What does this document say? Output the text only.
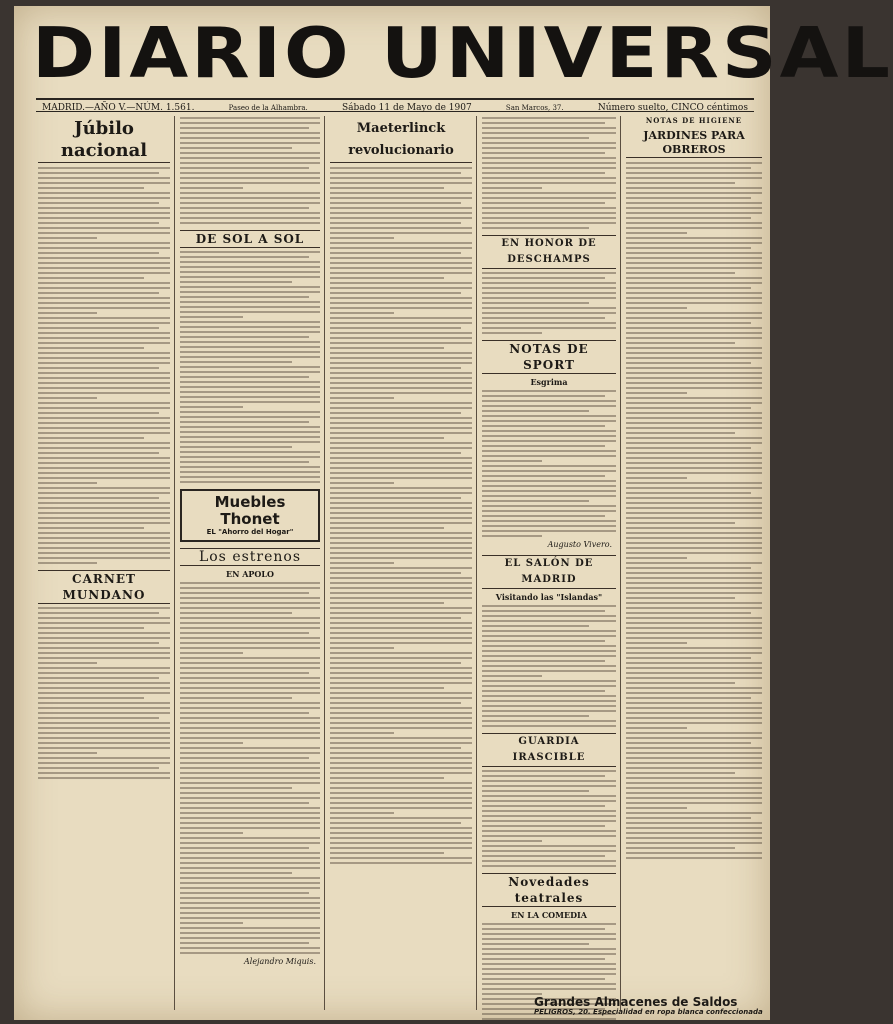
DIARIO UNIVERSAL
MADRID.—AÑO V.—NÚM. 1.561.	Paseo de la Alhambra.	Sábado 11 de Mayo de 1907	San Marcos, 37.	Número suelto, CINCO céntimos
Júbilo nacional
CARNET MUNDANO
DE SOL A SOL
Muebles Thonet
EL "Ahorro del Hogar"
Los estrenos
EN APOLO
Alejandro Miquis.
Maeterlinck revolucionario
EN HONOR DE DESCHAMPS
NOTAS DE SPORT
Esgrima
Augusto Vivero.
EL SALÓN DE MADRID
Visitando las "Islandas"
GUARDIA IRASCIBLE
Novedades teatrales
EN LA COMEDIA
NOTAS DE HIGIENE
JARDINES PARA OBREROS
Grandes Almacenes de Saldos
PELIGROS, 20. Especialidad en ropa blanca confeccionada
